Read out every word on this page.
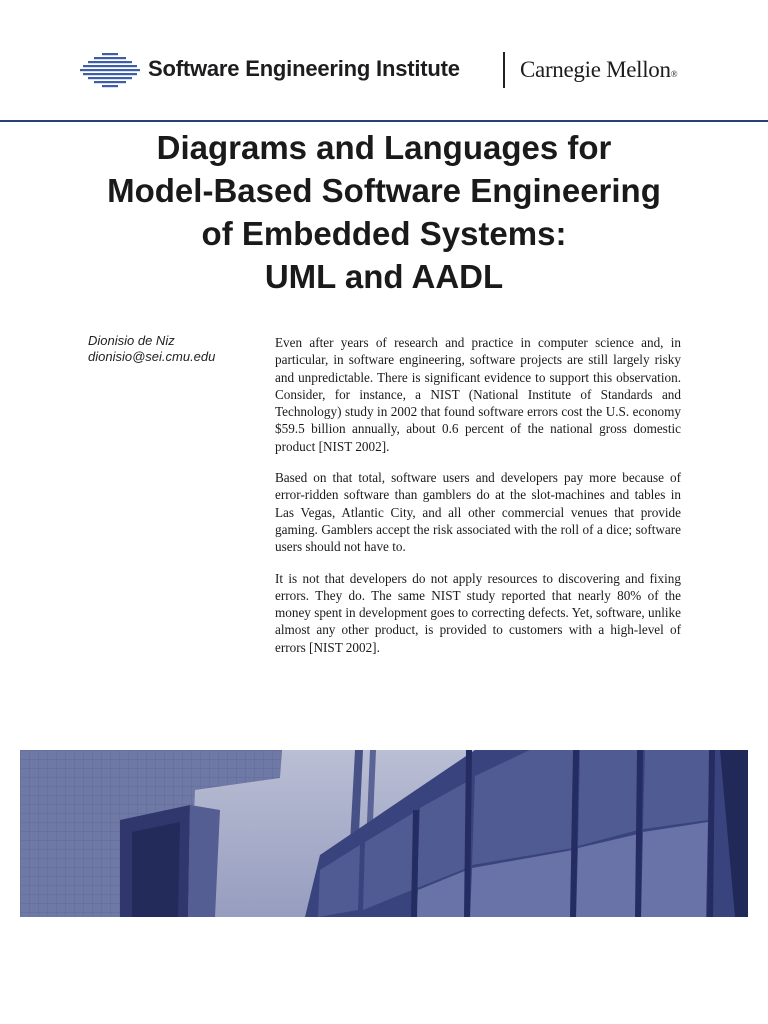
Software Engineering Institute	Carnegie Mellon®
Diagrams and Languages for
Model-Based Software Engineering
of Embedded Systems:
UML and AADL
Dionisio de Niz
dionisio@sei.cmu.edu

Even after years of research and practice in computer science and, in particular, in software engineering, software projects are still largely risky and unpredictable. There is significant evidence to support this observation. Consider, for instance, a NIST (National Institute of Standards and Technology) study in 2002 that found software errors cost the U.S. economy $59.5 billion annually, about 0.6 percent of the national gross domestic product [NIST 2002].

Based on that total, software users and developers pay more because of error-ridden software than gamblers do at the slot-machines and tables in Las Vegas, Atlantic City, and all other commercial venues that provide gaming. Gamblers accept the risk associated with the roll of a dice; software users should not have to.

It is not that developers do not apply resources to discovering and fixing errors. They do. The same NIST study reported that nearly 80% of the money spent in development goes to correcting defects. Yet, software, unlike almost any other product, is provided to customers with a high-level of errors [NIST 2002].
